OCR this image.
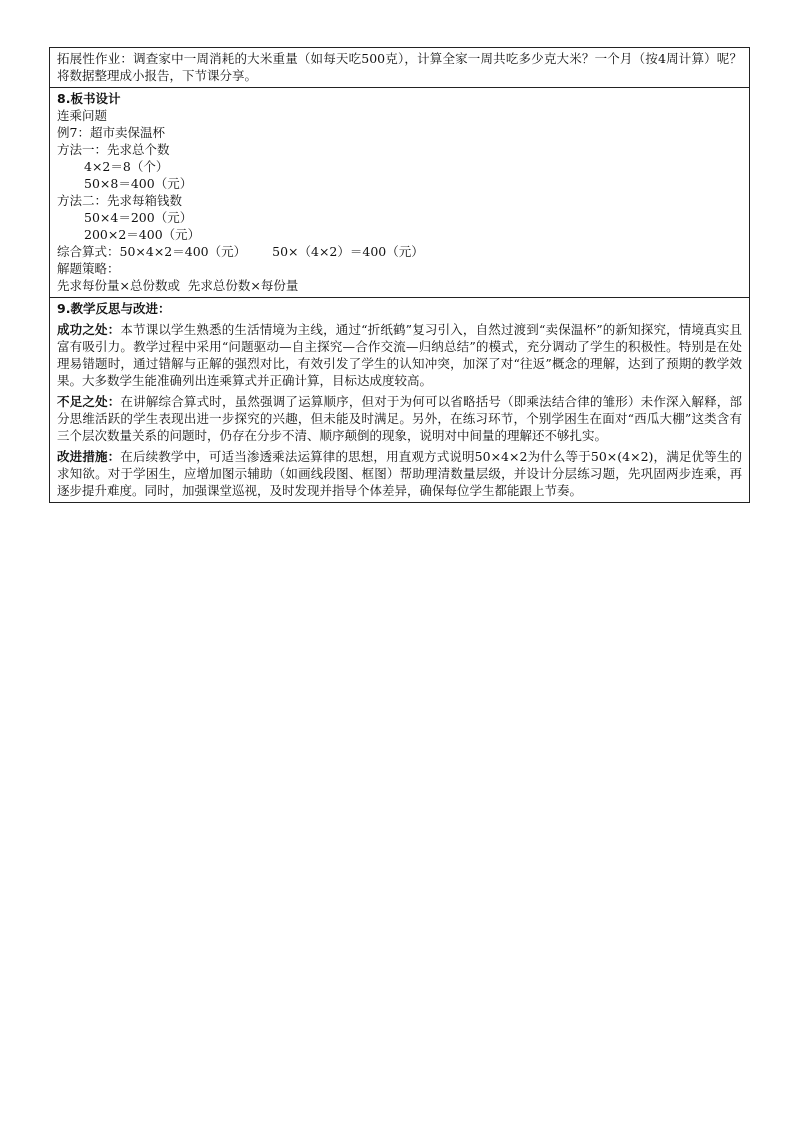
拓展性作业：调查家中一周消耗的大米重量（如每天吃500克），计算全家一周共吃多少克大米？一个月（按4周计算）呢？将数据整理成小报告，下节课分享。

8.板书设计
连乘问题
例7：超市卖保温杯
方法一：先求总个数
4×2＝8（个）
50×8＝400（元）
方法二：先求每箱钱数
50×4＝200（元）
200×2＝400（元）
综合算式：50×4×2＝400（元） 50×（4×2）＝400（元）
解题策略：
先求每份量×总份数或  先求总份数×每份量

9.教学反思与改进：

成功之处：本节课以学生熟悉的生活情境为主线，通过“折纸鹤”复习引入，自然过渡到“卖保温杯”的新知探究，情境真实且富有吸引力。教学过程中采用“问题驱动—自主探究—合作交流—归纳总结”的模式，充分调动了学生的积极性。特别是在处理易错题时，通过错解与正解的强烈对比，有效引发了学生的认知冲突，加深了对“往返”概念的理解，达到了预期的教学效果。大多数学生能准确列出连乘算式并正确计算，目标达成度较高。

不足之处：在讲解综合算式时，虽然强调了运算顺序，但对于为何可以省略括号（即乘法结合律的雏形）未作深入解释，部分思维活跃的学生表现出进一步探究的兴趣，但未能及时满足。另外，在练习环节，个别学困生在面对“西瓜大棚”这类含有三个层次数量关系的问题时，仍存在分步不清、顺序颠倒的现象，说明对中间量的理解还不够扎实。

改进措施：在后续教学中，可适当渗透乘法运算律的思想，用直观方式说明50×4×2为什么等于50×(4×2)，满足优等生的求知欲。对于学困生，应增加图示辅助（如画线段图、框图）帮助理清数量层级，并设计分层练习题，先巩固两步连乘，再逐步提升难度。同时，加强课堂巡视，及时发现并指导个体差异，确保每位学生都能跟上节奏。
